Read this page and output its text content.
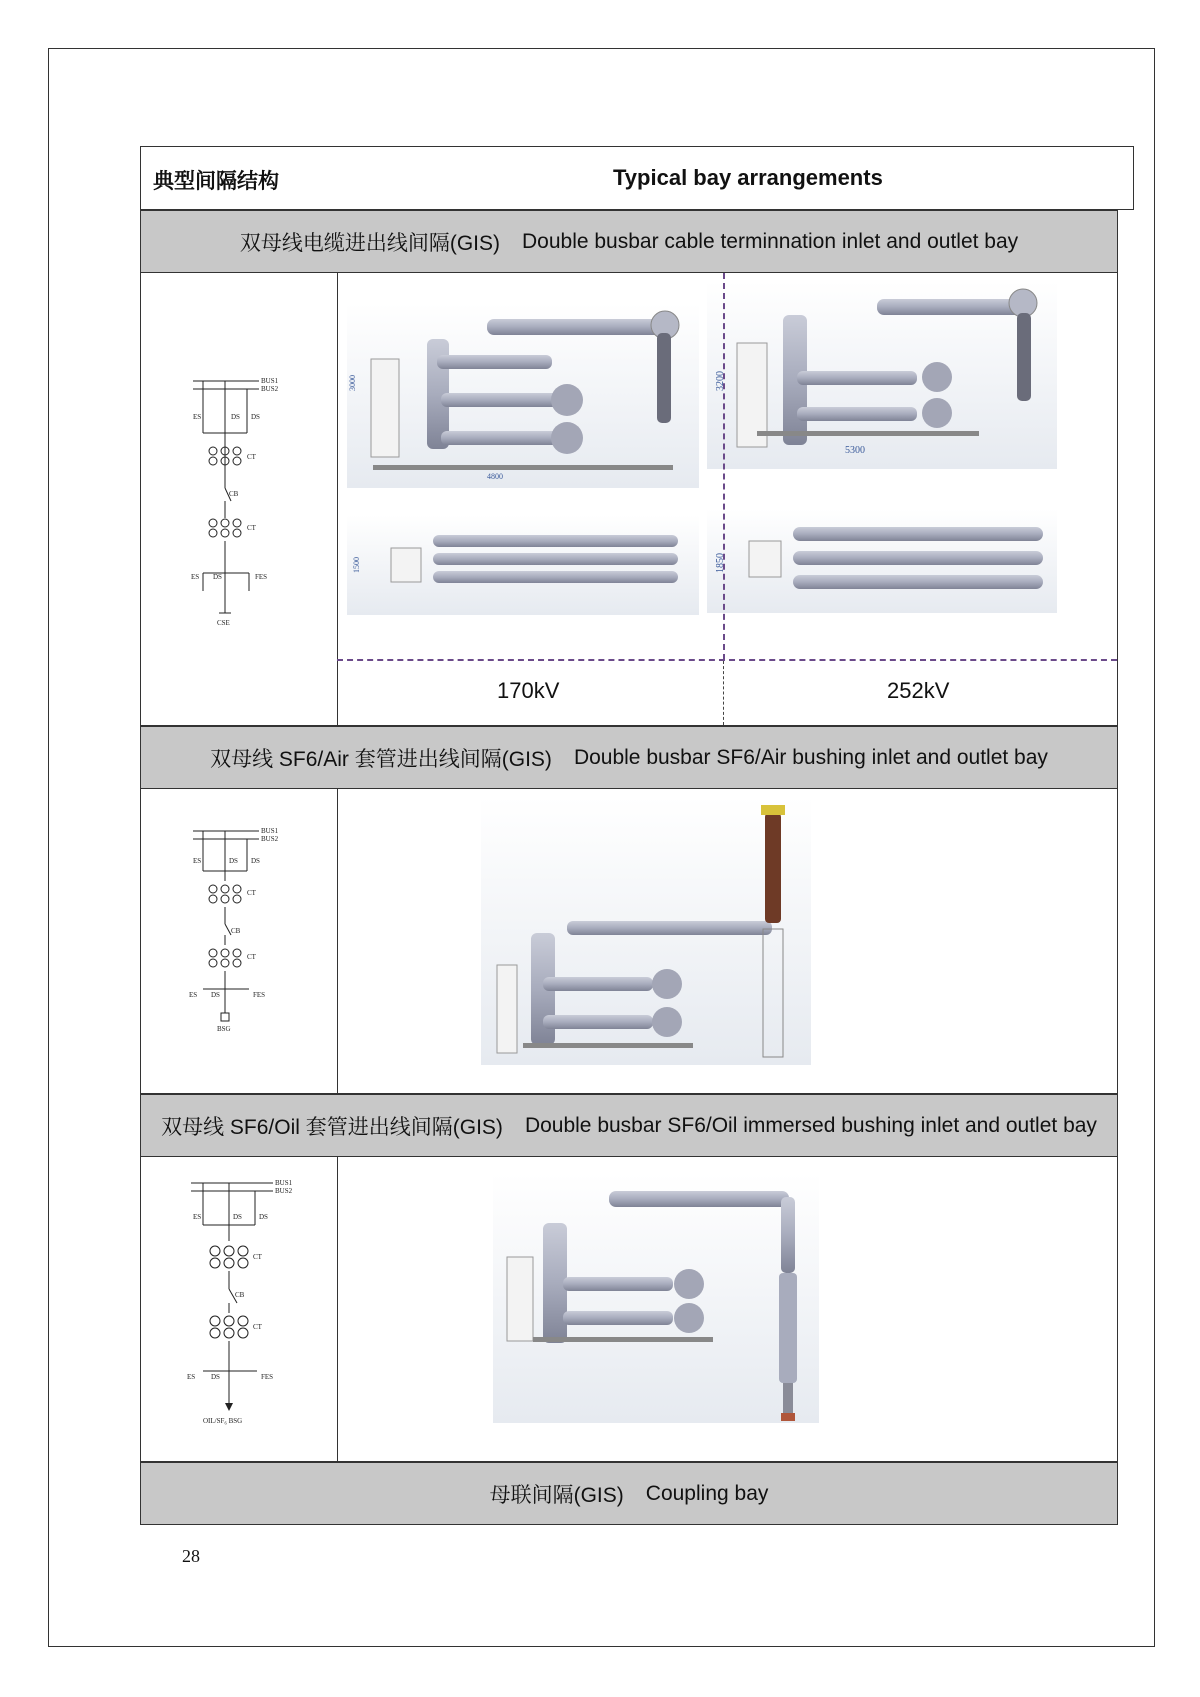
典型间隔结构	Typical bay arrangements
双母线电缆进出线间隔(GIS) Double busbar cable terminnation inlet and outlet bay
BUS1
BUS2
ES	DS DS
CT
CB
CT
ES DS	FES
CSE
4800
3000
1500
5300
3200
1850
170kV	252kV
双母线 SF6/Air 套管进出线间隔(GIS) Double busbar SF6/Air bushing inlet and outlet bay
BUS1
BUS2
ES	DS DS
CT
CB
CT
ES DS	FES
BSG
双母线 SF6/Oil 套管进出线间隔(GIS) Double busbar SF6/Oil immersed bushing inlet and outlet bay
BUS1
BUS2
ES	DS DS
CT
CB
CT
ES DS	FES
OIL/SF₆ BSG
母联间隔(GIS) Coupling bay
28
